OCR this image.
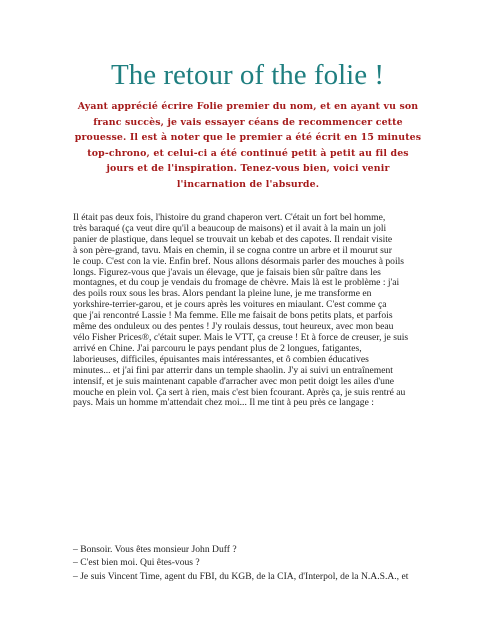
The retour of the folie !
Ayant apprécié écrire Folie premier du nom, et en ayant vu son franc succès, je vais essayer céans de recommencer cette prouesse. Il est à noter que le premier a été écrit en 15 minutes top-chrono, et celui-ci a été continué petit à petit au fil des jours et de l'inspiration. Tenez-vous bien, voici venir l'incarnation de l'absurde.
Il était pas deux fois, l'histoire du grand chaperon vert. C'était un fort bel homme,
très baraqué (ça veut dire qu'il a beaucoup de maisons) et il avait à la main un joli
panier de plastique, dans lequel se trouvait un kebab et des capotes. Il rendait visite
à son père-grand, tavu. Mais en chemin, il se cogna contre un arbre et il mourut sur
le coup. C'est con la vie. Enfin bref. Nous allons désormais parler des mouches à poils
longs. Figurez-vous que j'avais un élevage, que je faisais bien sûr paître dans les
montagnes, et du coup je vendais du fromage de chèvre. Mais là est le problème : j'ai
des poils roux sous les bras. Alors pendant la pleine lune, je me transforme en
yorkshire-terrier-garou, et je cours après les voitures en miaulant. C'est comme ça
que j'ai rencontré Lassie ! Ma femme. Elle me faisait de bons petits plats, et parfois
même des onduleux ou des pentes ! J'y roulais dessus, tout heureux, avec mon beau
vélo Fisher Prices®, c'était super. Mais le VTT, ça creuse ! Et à force de creuser, je suis
arrivé en Chine. J'ai parcouru le pays pendant plus de 2 longues, fatigantes,
laborieuses, difficiles, épuisantes mais intéressantes, et ô combien éducatives
minutes... et j'ai fini par atterrir dans un temple shaolin. J'y ai suivi un entraînement
intensif, et je suis maintenant capable d'arracher avec mon petit doigt les ailes d'une
mouche en plein vol. Ça sert à rien, mais c'est bien fcourant. Après ça, je suis rentré au
pays. Mais un homme m'attendait chez moi... Il me tint à peu près ce langage :
– Bonsoir. Vous êtes monsieur John Duff ?
– C'est bien moi. Qui êtes-vous ?
– Je suis Vincent Time, agent du FBI, du KGB, de la CIA, d'Interpol, de la N.A.S.A., et
